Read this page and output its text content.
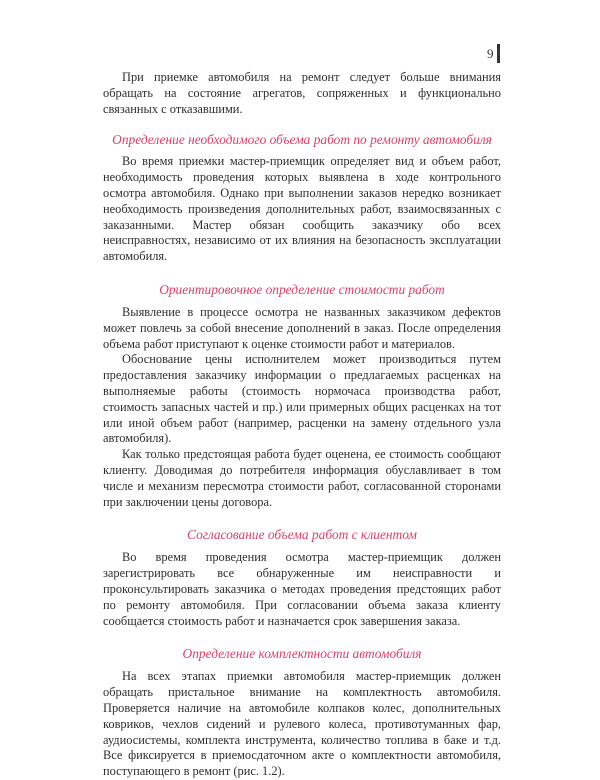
9

При приемке автомобиля на ремонт следует больше внимания обращать на состояние агрегатов, сопряженных и функционально связанных с отказавшими.

Определение необходимого объема работ по ремонту автомобиля

Во время приемки мастер-приемщик определяет вид и объем работ, необходимость проведения которых выявлена в ходе контрольного осмотра автомобиля. Однако при выполнении заказов нередко возникает необходимость произведения дополнительных работ, взаимосвязанных с заказанными. Мастер обязан сообщить заказчику обо всех неисправностях, независимо от их влияния на безопасность эксплуатации автомобиля.

Ориентировочное определение стоимости работ

Выявление в процессе осмотра не названных заказчиком дефектов может повлечь за собой внесение дополнений в заказ. После определения объема работ приступают к оценке стоимости работ и материалов.

Обоснование цены исполнителем может производиться путем предоставления заказчику информации о предлагаемых расценках на выполняемые работы (стоимость нормочаса производства работ, стоимость запасных частей и пр.) или примерных общих расценках на тот или иной объем работ (например, расценки на замену отдельного узла автомобиля).

Как только предстоящая работа будет оценена, ее стоимость сообщают клиенту. Доводимая до потребителя информация обуславливает в том числе и механизм пересмотра стоимости работ, согласованной сторонами при заключении цены договора.

Согласование объема работ с клиентом

Во время проведения осмотра мастер-приемщик должен зарегистрировать все обнаруженные им неисправности и проконсультировать заказчика о методах проведения предстоящих работ по ремонту автомобиля. При согласовании объема заказа клиенту сообщается стоимость работ и назначается срок завершения заказа.

Определение комплектности автомобиля

На всех этапах приемки автомобиля мастер-приемщик должен обращать пристальное внимание на комплектность автомобиля. Проверяется наличие на автомобиле колпаков колес, дополнительных ковриков, чехлов сидений и рулевого колеса, противотуманных фар, аудиосистемы, комплекта инструмента, количество топлива в баке и т.д. Все фиксируется в приемосдаточном акте о комплектности автомобиля, поступающего в ремонт (рис. 1.2).
